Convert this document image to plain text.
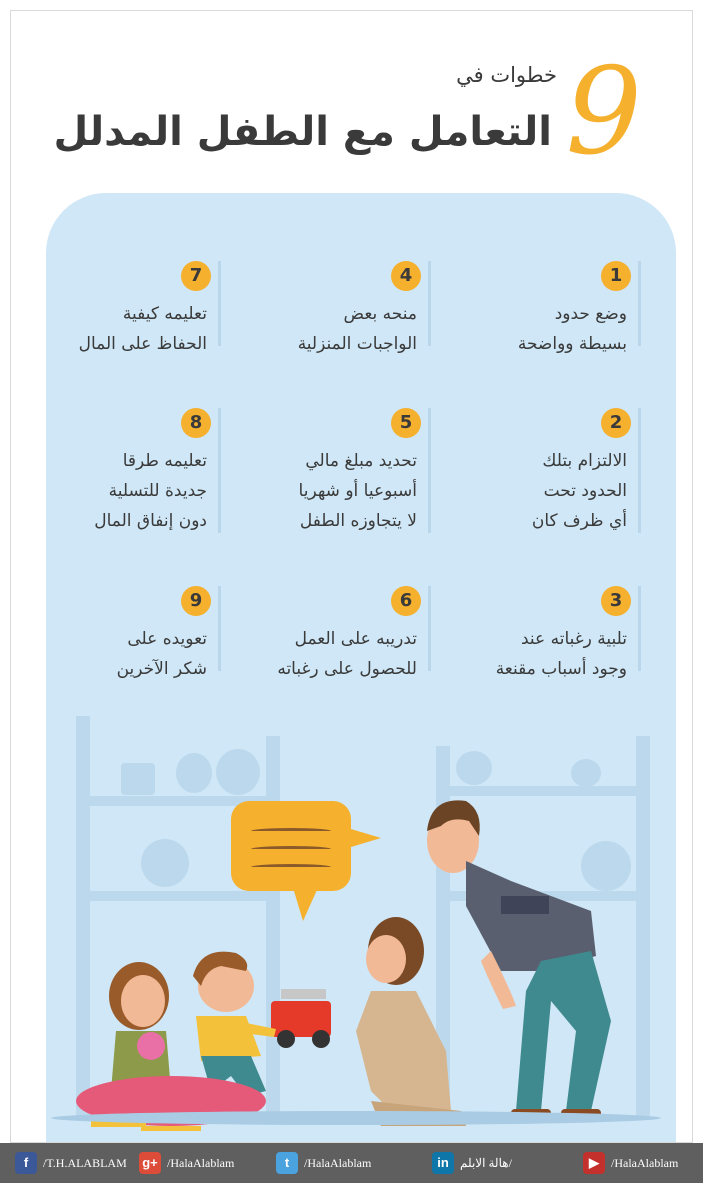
9
خطوات في
التعامل مع الطفل المدلل
1
وضع حدود
بسيطة وواضحة
2
الالتزام بتلك
الحدود تحت
أي ظرف كان
3
تلبية رغباته عند
وجود أسباب مقنعة
4
منحه بعض
الواجبات المنزلية
5
تحديد مبلغ مالي
أسبوعيا أو شهريا
لا يتجاوزه الطفل
6
تدريبه على العمل
للحصول على رغباته
7
تعليمه كيفية
الحفاظ على المال
8
تعليمه طرقا
جديدة للتسلية
دون إنفاق المال
9
تعويده على
شكر الآخرين
▶	/HalaAlablam
in هالة الابلم/
t	/HalaAlablam
g+ /HalaAlablam
f	/T.H.ALABLAM
